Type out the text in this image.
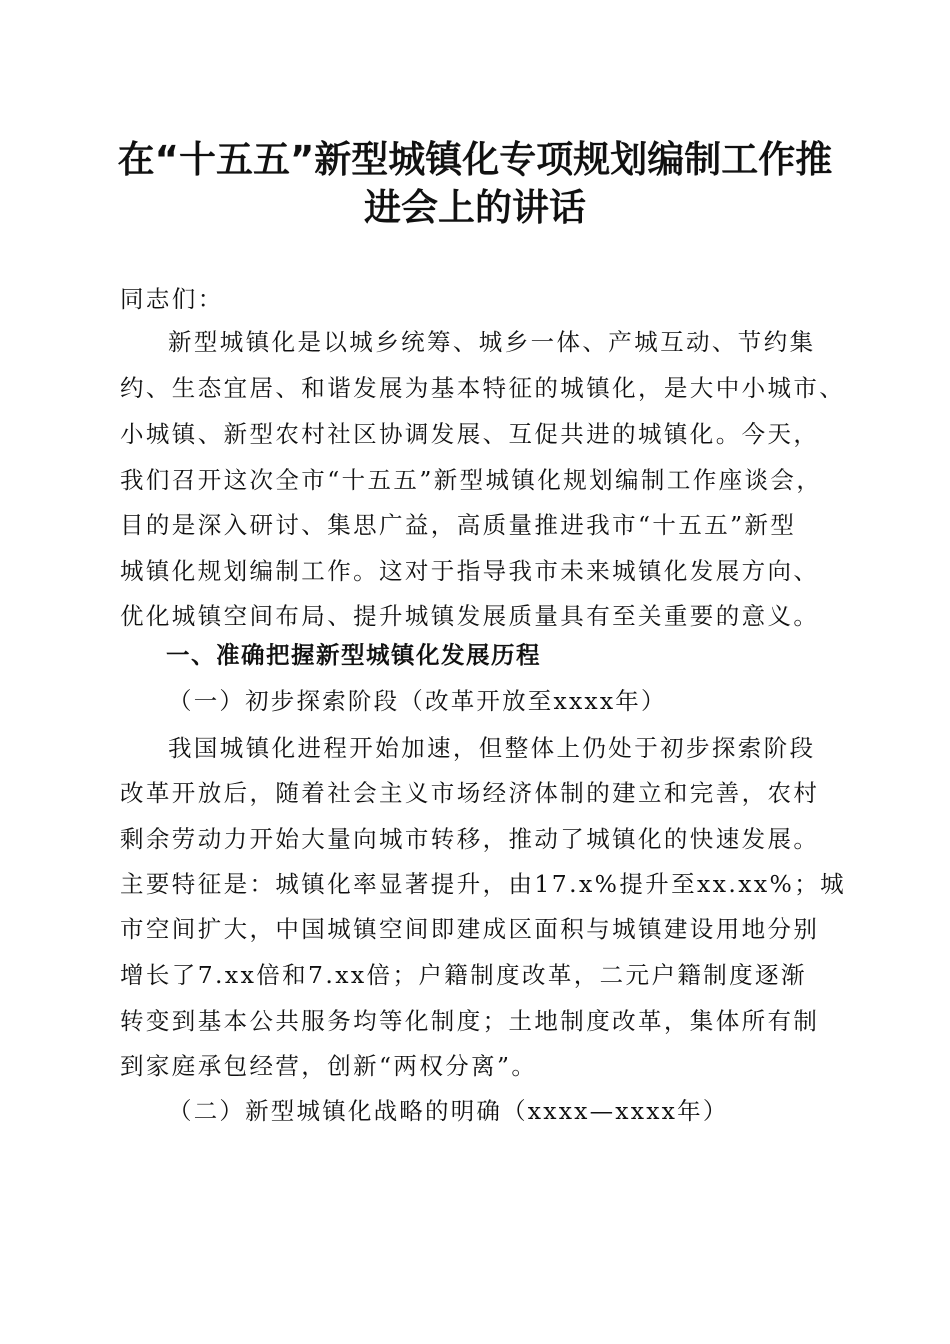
在“十五五”新型城镇化专项规划编制工作推
进会上的讲话
同志们：
新型城镇化是以城乡统筹、城乡一体、产城互动、节约集
约、生态宜居、和谐发展为基本特征的城镇化，是大中小城市、
小城镇、新型农村社区协调发展、互促共进的城镇化。今天，
我们召开这次全市“十五五”新型城镇化规划编制工作座谈会，
目的是深入研讨、集思广益，高质量推进我市“十五五”新型
城镇化规划编制工作。这对于指导我市未来城镇化发展方向、
优化城镇空间布局、提升城镇发展质量具有至关重要的意义。
一、准确把握新型城镇化发展历程
（一）初步探索阶段（改革开放至xxxx年）
我国城镇化进程开始加速，但整体上仍处于初步探索阶段
改革开放后，随着社会主义市场经济体制的建立和完善，农村
剩余劳动力开始大量向城市转移，推动了城镇化的快速发展。
主要特征是：城镇化率显著提升，由17.x%提升至xx.xx%；城
市空间扩大，中国城镇空间即建成区面积与城镇建设用地分别
增长了7.xx倍和7.xx倍；户籍制度改革，二元户籍制度逐渐
转变到基本公共服务均等化制度；土地制度改革，集体所有制
到家庭承包经营，创新“两权分离”。
（二）新型城镇化战略的明确（xxxx—xxxx年）
